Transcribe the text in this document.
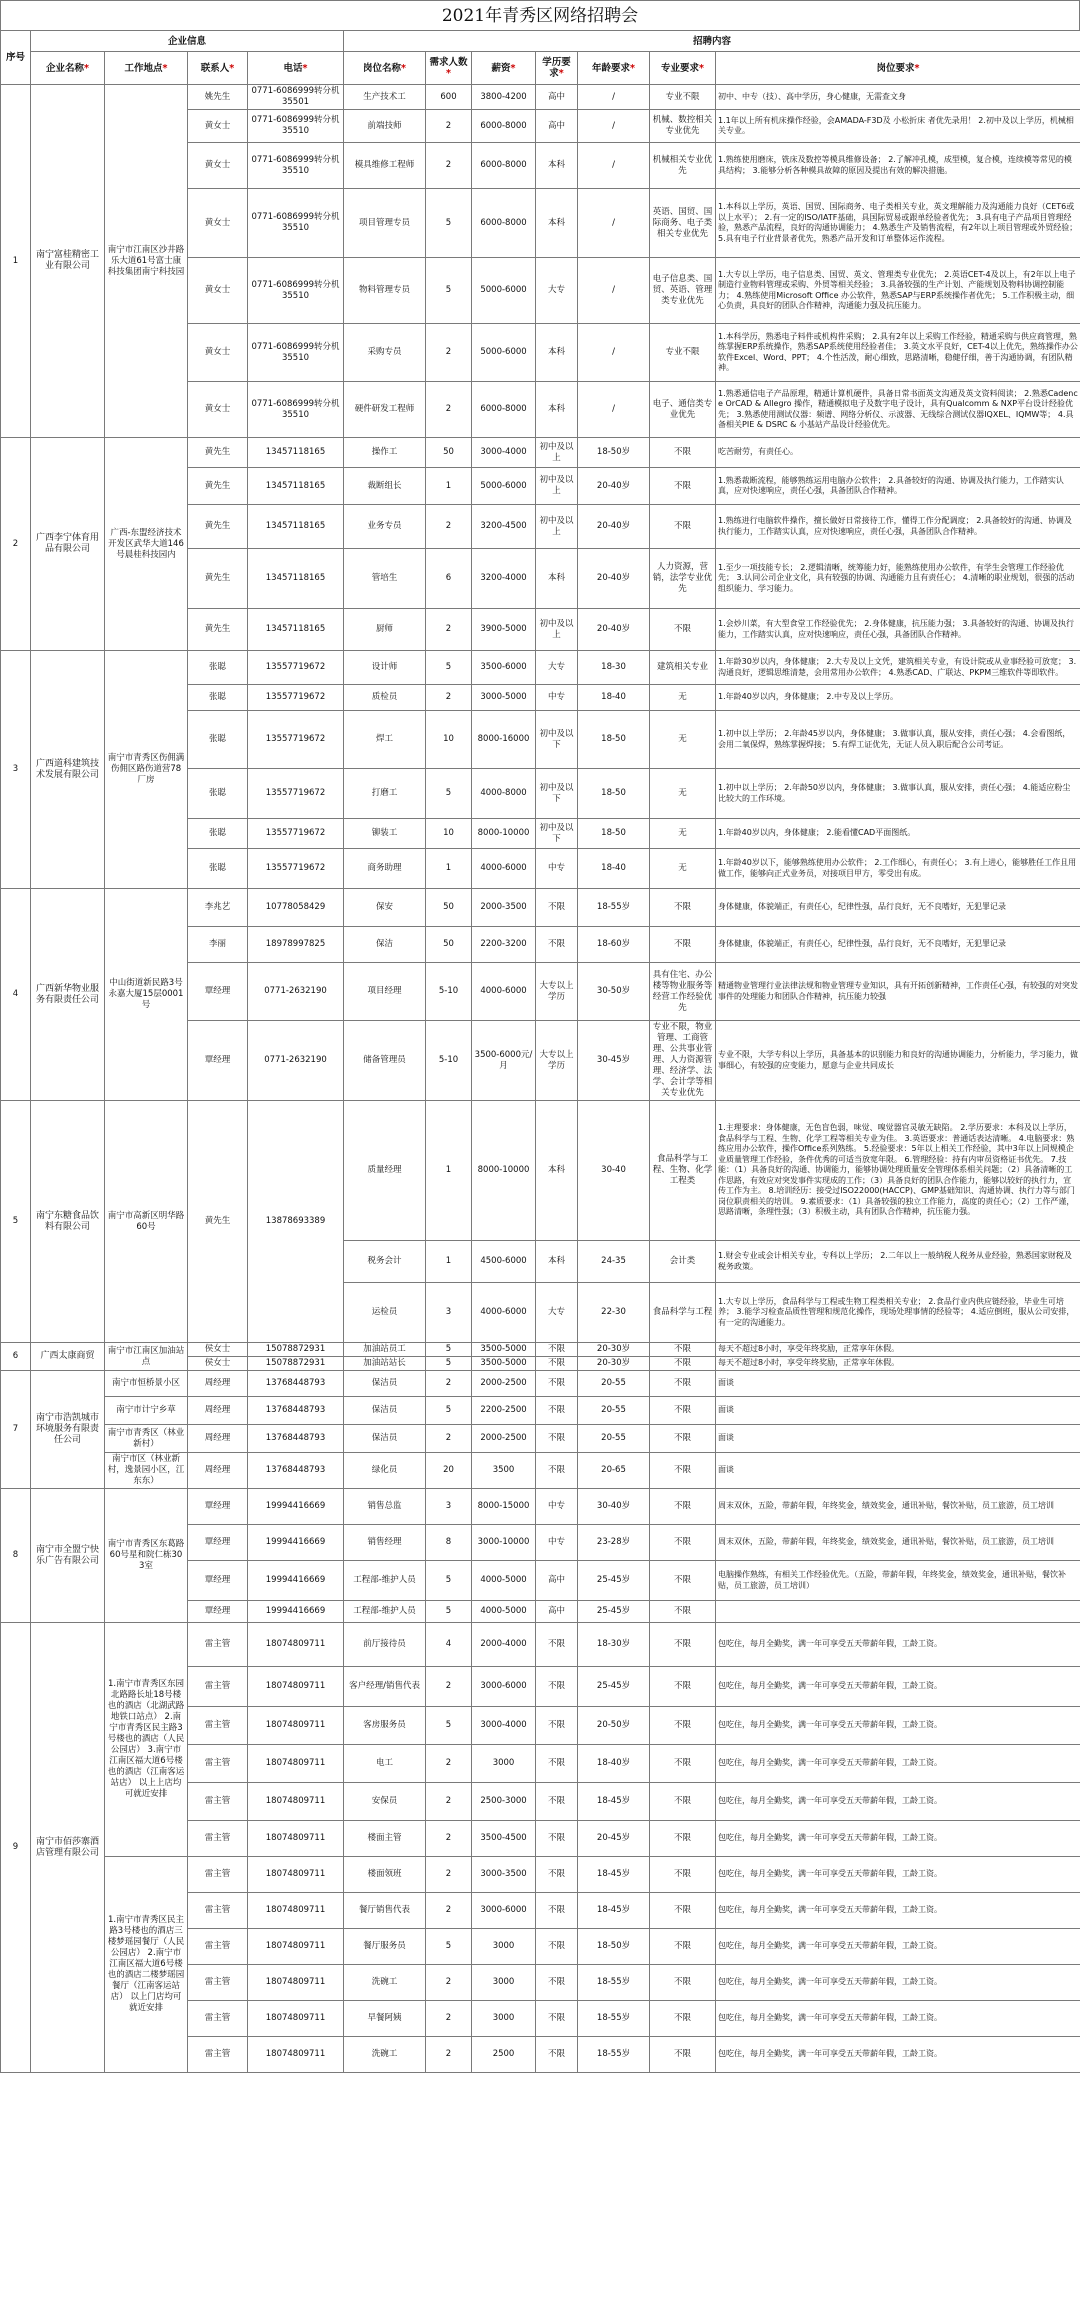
2021年青秀区网络招聘会
序号	企业信息				招聘内容						
	企业名称*	工作地点*	联系人*	电话*	岗位名称*	需求人数*	薪资*	学历要求*	年龄要求*	专业要求*	岗位要求*
1	南宁富桂精密工业有限公司	南宁市江南区沙井路乐大道61号富士康科技集团南宁科技园	姚先生	0771-6086999转分机35501	生产技术工	600	3800-4200	高中	/	专业不限	初中、中专（技）、高中学历，身心健康，无需查文身
			黄女士	0771-6086999转分机35510	前端技师	2	6000-8000	高中	/	机械、数控相关专业优先	1.1年以上所有机床操作经验，会AMADA-F3D及 小松折床 者优先录用！ 2.初中及以上学历，机械相关专业。
			黄女士	0771-6086999转分机35510	模具维修工程师	2	6000-8000	本科	/	机械相关专业优先	1.熟练使用磨床，铣床及数控等模具维修设备； 2.了解冲孔模，成型模，复合模，连续模等常见的模具结构； 3.能够分析各种模具故障的原因及提出有效的解决措施。
			黄女士	0771-6086999转分机35510	项目管理专员	5	6000-8000	本科	/	英语、国贸、国际商务、电子类相关专业优先	1.本科以上学历，英语、国贸、国际商务、电子类相关专业，英文理解能力及沟通能力良好（CET6或以上水平）； 2.有一定的ISO/IATF基础，具国际贸易或跟单经验者优先； 3.具有电子产品项目管理经验，熟悉产品流程，良好的沟通协调能力； 4.熟悉生产及销售流程，有2年以上项目管理或外贸经验； 5.具有电子行业背景者优先，熟悉产品开发和订单整体运作流程。
			黄女士	0771-6086999转分机35510	物料管理专员	5	5000-6000	大专	/	电子信息类、国贸、英语、管理类专业优先	1.大专以上学历，电子信息类、国贸、英文、管理类专业优先； 2.英语CET-4及以上，有2年以上电子制造行业物料管理或采购、外贸等相关经验； 3.具备较强的生产计划、产能规划及物料协调控制能力； 4.熟练使用Microsoft Office 办公软件，熟悉SAP与ERP系统操作者优先； 5.工作积极主动，细心负责，具良好的团队合作精神，沟通能力强及抗压能力。
			黄女士	0771-6086999转分机35510	采购专员	2	5000-6000	本科	/	专业不限	1.本科学历，熟悉电子料件或机构件采购； 2.具有2年以上采购工作经验，精通采购与供应商管理，熟练掌握ERP系统操作，熟悉SAP系统使用经验者佳； 3.英文水平良好，CET-4以上优先，熟练操作办公软件Excel、Word、PPT； 4.个性活泼，耐心细致，思路清晰，稳健仔细，善于沟通协调，有团队精神。
			黄女士	0771-6086999转分机35510	硬件研发工程师	2	6000-8000	本科	/	电子、通信类专业优先	1.熟悉通信电子产品原理，精通计算机硬件，具备日常书面英文沟通及英文资料阅读； 2.熟悉Cadence OrCAD & Allegro 操作，精通模拟电子及数字电子设计，具有Qualcomm & NXP平台设计经验优先； 3.熟悉使用测试仪器：频谱、网络分析仪、示波器、无线综合测试仪器IQXEL、IQMW等； 4.具备相关PIE & DSRC & 小基站产品设计经验优先。
2	广西李宁体育用品有限公司	广西-东盟经济技术开发区武华大道146号晨桂科技园内	黄先生	13457118165	操作工	50	3000-4000	初中及以上	18-50岁	不限	吃苦耐劳，有责任心。
			黄先生	13457118165	裁断组长	1	5000-6000	初中及以上	20-40岁	不限	1.熟悉裁断流程，能够熟练运用电脑办公软件； 2.具备较好的沟通、协调及执行能力，工作踏实认真，应对快速响应，责任心强，具备团队合作精神。
			黄先生	13457118165	业务专员	2	3200-4500	初中及以上	20-40岁	不限	1.熟练进行电脑软件操作，擅长做好日常接待工作，懂得工作分配调度； 2.具备较好的沟通、协调及执行能力，工作踏实认真，应对快速响应，责任心强，具备团队合作精神。
			黄先生	13457118165	管培生	6	3200-4000	本科	20-40岁	人力资源，营销，法学专业优先	1.至少一项技能专长； 2.逻辑清晰，统筹能力好，能熟练使用办公软件，有学生会管理工作经验优先； 3.认同公司企业文化，具有较强的协调、沟通能力且有责任心； 4.清晰的职业规划，很强的活动组织能力、学习能力。
			黄先生	13457118165	厨师	2	3900-5000	初中及以上	20-40岁	不限	1.会炒川菜，有大型食堂工作经验优先； 2.身体健康，抗压能力强； 3.具备较好的沟通、协调及执行能力，工作踏实认真，应对快速响应，责任心强，具备团队合作精神。
3	广西道科建筑技术发展有限公司	南宁市青秀区伤佣满伤佣区路伤道营78厂房	张聪	13557719672	设计师	5	3500-6000	大专	18-30	建筑相关专业	1.年龄30岁以内，身体健康； 2.大专及以上文凭，建筑相关专业，有设计院或从业事经验可放宽； 3.沟通良好，逻辑思维清楚，会用常用办公软件； 4.熟悉CAD、广联达、PKPM三维软件等即软件。
			张聪	13557719672	质检员	2	3000-5000	中专	18-40	无	1.年龄40岁以内，身体健康； 2.中专及以上学历。
			张聪	13557719672	焊工	10	8000-16000	初中及以下	18-50	无	1.初中以上学历； 2.年龄45岁以内，身体健康； 3.做事认真，服从安排，责任心强； 4.会看图纸，会用二氧保焊，熟练掌握焊接； 5.有焊工证优先，无证人员入职后配合公司考证。
			张聪	13557719672	打磨工	5	4000-8000	初中及以下	18-50	无	1.初中以上学历； 2.年龄50岁以内，身体健康； 3.做事认真，服从安排，责任心强； 4.能适应粉尘比较大的工作环境。
			张聪	13557719672	铆装工	10	8000-10000	初中及以下	18-50	无	1.年龄40岁以内，身体健康； 2.能看懂CAD平面图纸。
			张聪	13557719672	商务助理	1	4000-6000	中专	18-40	无	1.年龄40岁以下，能够熟练使用办公软件； 2.工作细心，有责任心； 3.有上进心，能够胜任工作且用做工作，能够向正式业务员，对接项目甲方，零受出有成。
4	广西新华物业服务有限责任公司	中山街道新民路3号永嘉大厦15层0001号	李兆艺	10778058429	保安	50	2000-3500	不限	18-55岁	不限	身体健康，体貌端正，有责任心，纪律性强，品行良好，无不良嗜好，无犯罪记录
			李丽	18978997825	保洁	50	2200-3200	不限	18-60岁	不限	身体健康，体貌端正，有责任心，纪律性强，品行良好，无不良嗜好，无犯罪记录
			覃经理	0771-2632190	项目经理	5-10	4000-6000	大专以上学历	30-50岁	具有住宅、办公楼等物业服务等经营工作经验优先	精通物业管理行业法律法规和物业管理专业知识，具有开拓创新精神，工作责任心强，有较强的对突发事件的处理能力和团队合作精神，抗压能力较强
			覃经理	0771-2632190	储备管理员	5-10	3500-6000元/月	大专以上学历	30-45岁	专业不限，物业管理、工商管理、公共事业管理、人力资源管理、经济学、法学、会计学等相关专业优先	专业不限，大学专科以上学历，具备基本的识别能力和良好的沟通协调能力，分析能力，学习能力，做事细心，有较强的应变能力，愿意与企业共同成长
5	南宁东糖食品饮料有限公司	南宁市高新区明华路60号	黄先生	13878693389	质量经理	1	8000-10000	本科	30-40	食品科学与工程、生物、化学工程类	1.主理要求：身体健康，无色盲色弱，味觉、嗅觉器官灵敏无缺陷。 2.学历要求：本科及以上学历，食品科学与工程、生物、化学工程等相关专业为佳。 3.英语要求：普通话表达清晰。 4.电脑要求：熟练应用办公软件，操作Office系列熟练。 5.经验要求：5年以上相关工作经验，其中3年以上同规模企业质量管理工作经验，条件优秀的可适当放宽年限。 6.管理经验：持有内审员资格证书优先。 7.技能：（1）具备良好的沟通、协调能力，能够协调处理质量安全管理体系相关问题；（2）具备清晰的工作思路，有效应对突发事件实现成的工作；（3）具备良好的团队合作能力，能够以较好的执行力，宣传工作为主。 8.培训经历：接受过ISO22000(HACCP)、GMP基础知识、沟通协调、执行力等与部门岗位职责相关的培训。 9.素质要求：（1）具备较强的独立工作能力，高度的责任心；（2）工作严谨，思路清晰，条理性强；（3）积极主动，具有团队合作精神，抗压能力强。
					税务会计	1	4500-6000	本科	24-35	会计类	1.财会专业或会计相关专业，专科以上学历； 2.二年以上一般纳税人税务从业经验，熟悉国家财税及税务政策。
					运检员	3	4000-6000	大专	22-30	食品科学与工程	1.大专以上学历，食品科学与工程或生物工程类相关专业； 2.食品行业内供应链经验，毕业生可培养； 3.能学习检查品质性管理和规范化操作，现场处理事情的经验等； 4.适应倒班，服从公司安排，有一定的沟通能力。
6	广西太康商贸	南宁市江南区加油站点	侯女士	15078872931	加油站员工	5	3500-5000	不限	20-30岁	不限	每天不超过8小时，享受年终奖励，正常享年休假。
			侯女士	15078872931	加油站站长	5	3500-5000	不限	20-30岁	不限	每天不超过8小时，享受年终奖励，正常享年休假。
7	南宁市浩凯城市环境服务有限责任公司	南宁市恒桥景小区	周经理	13768448793	保洁员	2	2000-2500	不限	20-55	不限	面谈
		南宁市计宁乡草	周经理	13768448793	保洁员	5	2200-2500	不限	20-55	不限	面谈
		南宁市青秀区（林业新村）	周经理	13768448793	保洁员	2	2000-2500	不限	20-55	不限	面谈
		南宁市区（林业新村，逸景园小区，江东东）	周经理	13768448793	绿化员	20	3500	不限	20-65	不限	面谈
8	南宁市全盟宁快乐广告有限公司	南宁市青秀区东葛路60号星和院仁栋303室	覃经理	19994416669	销售总监	3	8000-15000	中专	30-40岁	不限	周末双休，五险，带薪年假，年终奖金，绩效奖金，通讯补贴，餐饮补贴，员工旅游，员工培训
			覃经理	19994416669	销售经理	8	3000-10000	中专	23-28岁	不限	周末双休，五险，带薪年假，年终奖金，绩效奖金，通讯补贴，餐饮补贴，员工旅游，员工培训
			覃经理	19994416669	工程部-维护人员	5	4000-5000	高中	25-45岁	不限	电脑操作熟练，有相关工作经验优先。（五险，带薪年假，年终奖金，绩效奖金，通讯补贴，餐饮补贴，员工旅游，员工培训）
			覃经理	19994416669	工程部-维护人员	5	4000-5000	高中	25-45岁	不限	
9	南宁市佰莎寨酒店管理有限公司	1.南宁市青秀区东园北路路长址18号楼也的酒店（北湖武路地铁口站点） 2.南宁市青秀区民主路3号楼也的酒店（人民公园店） 3.南宁市江南区福大道6号楼也的酒店（江南客运站店） 以上上店均可就近安排	雷主管	18074809711	前厅接待员	4	2000-4000	不限	18-30岁	不限	包吃住，每月全勤奖，满一年可享受五天带薪年假，工龄工资。
			雷主管	18074809711	客户经理/销售代表	2	3000-6000	不限	25-45岁	不限	包吃住，每月全勤奖，满一年可享受五天带薪年假，工龄工资。
			雷主管	18074809711	客房服务员	5	3000-4000	不限	20-50岁	不限	包吃住，每月全勤奖，满一年可享受五天带薪年假，工龄工资。
			雷主管	18074809711	电工	2	3000	不限	18-40岁	不限	包吃住，每月全勤奖，满一年可享受五天带薪年假，工龄工资。
			雷主管	18074809711	安保员	2	2500-3000	不限	18-45岁	不限	包吃住，每月全勤奖，满一年可享受五天带薪年假，工龄工资。
			雷主管	18074809711	楼面主管	2	3500-4500	不限	20-45岁	不限	包吃住，每月全勤奖，满一年可享受五天带薪年假，工龄工资。
		1.南宁市青秀区民主路3号楼也的酒店三楼梦瑶园餐厅（人民公园店） 2.南宁市江南区福大道6号楼也的酒店二楼梦瑶园餐厅（江南客运站店） 以上门店均可就近安排	雷主管	18074809711	楼面领班	2	3000-3500	不限	18-45岁	不限	包吃住，每月全勤奖，满一年可享受五天带薪年假，工龄工资。
			雷主管	18074809711	餐厅销售代表	2	3000-6000	不限	18-45岁	不限	包吃住，每月全勤奖，满一年可享受五天带薪年假，工龄工资。
			雷主管	18074809711	餐厅服务员	5	3000	不限	18-50岁	不限	包吃住，每月全勤奖，满一年可享受五天带薪年假，工龄工资。
			雷主管	18074809711	洗碗工	2	3000	不限	18-55岁	不限	包吃住，每月全勤奖，满一年可享受五天带薪年假，工龄工资。
			雷主管	18074809711	早餐阿姨	2	3000	不限	18-55岁	不限	包吃住，每月全勤奖，满一年可享受五天带薪年假，工龄工资。
			雷主管	18074809711	洗碗工	2	2500	不限	18-55岁	不限	包吃住，每月全勤奖，满一年可享受五天带薪年假，工龄工资。
